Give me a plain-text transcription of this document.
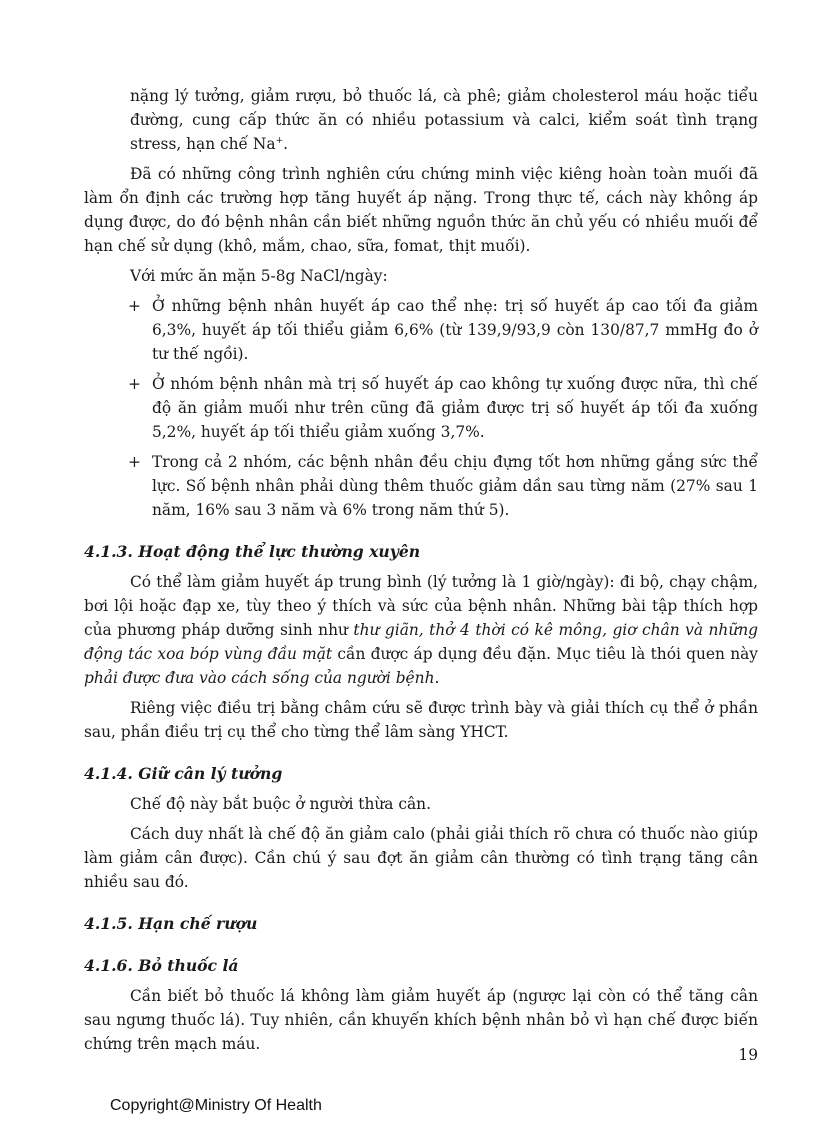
nặng lý tưởng, giảm rượu, bỏ thuốc lá, cà phê; giảm cholesterol máu hoặc tiểu đường, cung cấp thức ăn có nhiều potassium và calci, kiểm soát tình trạng stress, hạn chế Na+.

Đã có những công trình nghiên cứu chứng minh việc kiêng hoàn toàn muối đã làm ổn định các trường hợp tăng huyết áp nặng. Trong thực tế, cách này không áp dụng được, do đó bệnh nhân cần biết những nguồn thức ăn chủ yếu có nhiều muối để hạn chế sử dụng (khô, mắm, chao, sữa, fomat, thịt muối).

Với mức ăn mặn 5-8g NaCl/ngày:

+ Ở những bệnh nhân huyết áp cao thể nhẹ: trị số huyết áp cao tối đa giảm 6,3%, huyết áp tối thiểu giảm 6,6% (từ 139,9/93,9 còn 130/87,7 mmHg đo ở tư thế ngồi).
+ Ở nhóm bệnh nhân mà trị số huyết áp cao không tự xuống được nữa, thì chế độ ăn giảm muối như trên cũng đã giảm được trị số huyết áp tối đa xuống 5,2%, huyết áp tối thiểu giảm xuống 3,7%.
+ Trong cả 2 nhóm, các bệnh nhân đều chịu đựng tốt hơn những gắng sức thể lực. Số bệnh nhân phải dùng thêm thuốc giảm dần sau từng năm (27% sau 1 năm, 16% sau 3 năm và 6% trong năm thứ 5).
4.1.3. Hoạt động thể lực thường xuyên

Có thể làm giảm huyết áp trung bình (lý tưởng là 1 giờ/ngày): đi bộ, chạy chậm, bơi lội hoặc đạp xe, tùy theo ý thích và sức của bệnh nhân. Những bài tập thích hợp của phương pháp dưỡng sinh như thư giãn, thở 4 thời có kê mông, giơ chân và những động tác xoa bóp vùng đầu mặt cần được áp dụng đều đặn. Mục tiêu là thói quen này phải được đưa vào cách sống của người bệnh.

Riêng việc điều trị bằng châm cứu sẽ được trình bày và giải thích cụ thể ở phần sau, phần điều trị cụ thể cho từng thể lâm sàng YHCT.

4.1.4. Giữ cân lý tưởng

Chế độ này bắt buộc ở người thừa cân.

Cách duy nhất là chế độ ăn giảm calo (phải giải thích rõ chưa có thuốc nào giúp làm giảm cân được). Cần chú ý sau đợt ăn giảm cân thường có tình trạng tăng cân nhiều sau đó.

4.1.5. Hạn chế rượu
4.1.6. Bỏ thuốc lá

Cần biết bỏ thuốc lá không làm giảm huyết áp (ngược lại còn có thể tăng cân sau ngưng thuốc lá). Tuy nhiên, cần khuyến khích bệnh nhân bỏ vì hạn chế được biến chứng trên mạch máu.

19
Copyright@Ministry Of Health
